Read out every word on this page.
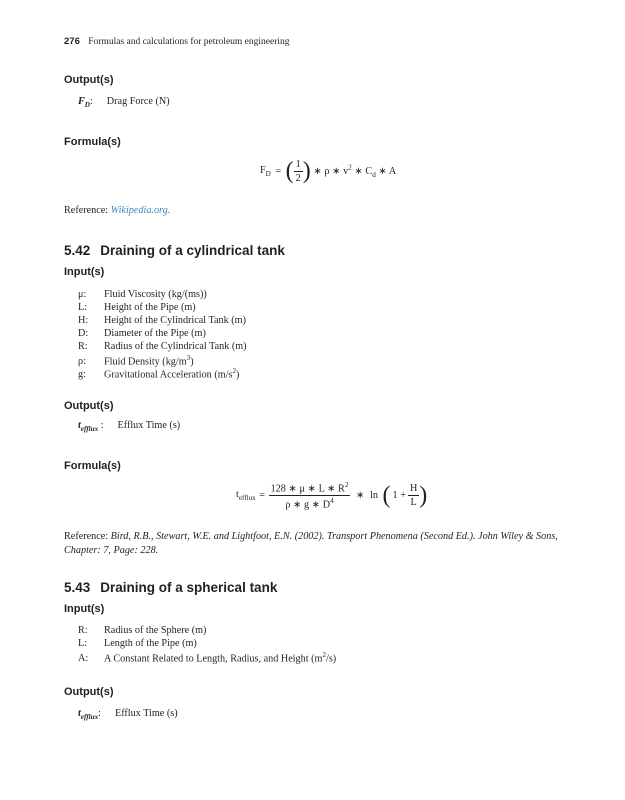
276 Formulas and calculations for petroleum engineering
Output(s)
$F_D$: Drag Force (N)
Formula(s)
$F_D$ = ( $\frac{1}{2}$ ) ∗ ρ ∗ $v^2$ ∗ $C_d$ ∗ A
Reference: Wikipedia.org.
5.42 Draining of a cylindrical tank
Input(s)
μ: Fluid Viscosity (kg/(ms))
L: Height of the Pipe (m)
H: Height of the Cylindrical Tank (m)
D: Diameter of the Pipe (m)
R: Radius of the Cylindrical Tank (m)
ρ: Fluid Density $(kg/m^3)$
g: Gravitational Acceleration $(m/s^2)$
Output(s)
$t_{efflux}$ : Efflux Time (s)
Formula(s)
$t_{efflux} = \frac{128 ∗ \mu ∗ L ∗ R^2}{\rho ∗ g ∗ D^4}$ ∗ ln ( $1 + \frac{H}{L}$ )
Reference: Bird, R.B., Stewart, W.E. and Lightfoot, E.N. (2002). Transport Phenomena (Second Ed.). John Wiley & Sons,
Chapter: 7, Page: 228.
5.43 Draining of a spherical tank
Input(s)
R: Radius of the Sphere (m)
L: Length of the Pipe (m)
A: A Constant Related to Length, Radius, and Height $(m^2/s)$
Output(s)
$t_{efflux}$: Efflux Time (s)
